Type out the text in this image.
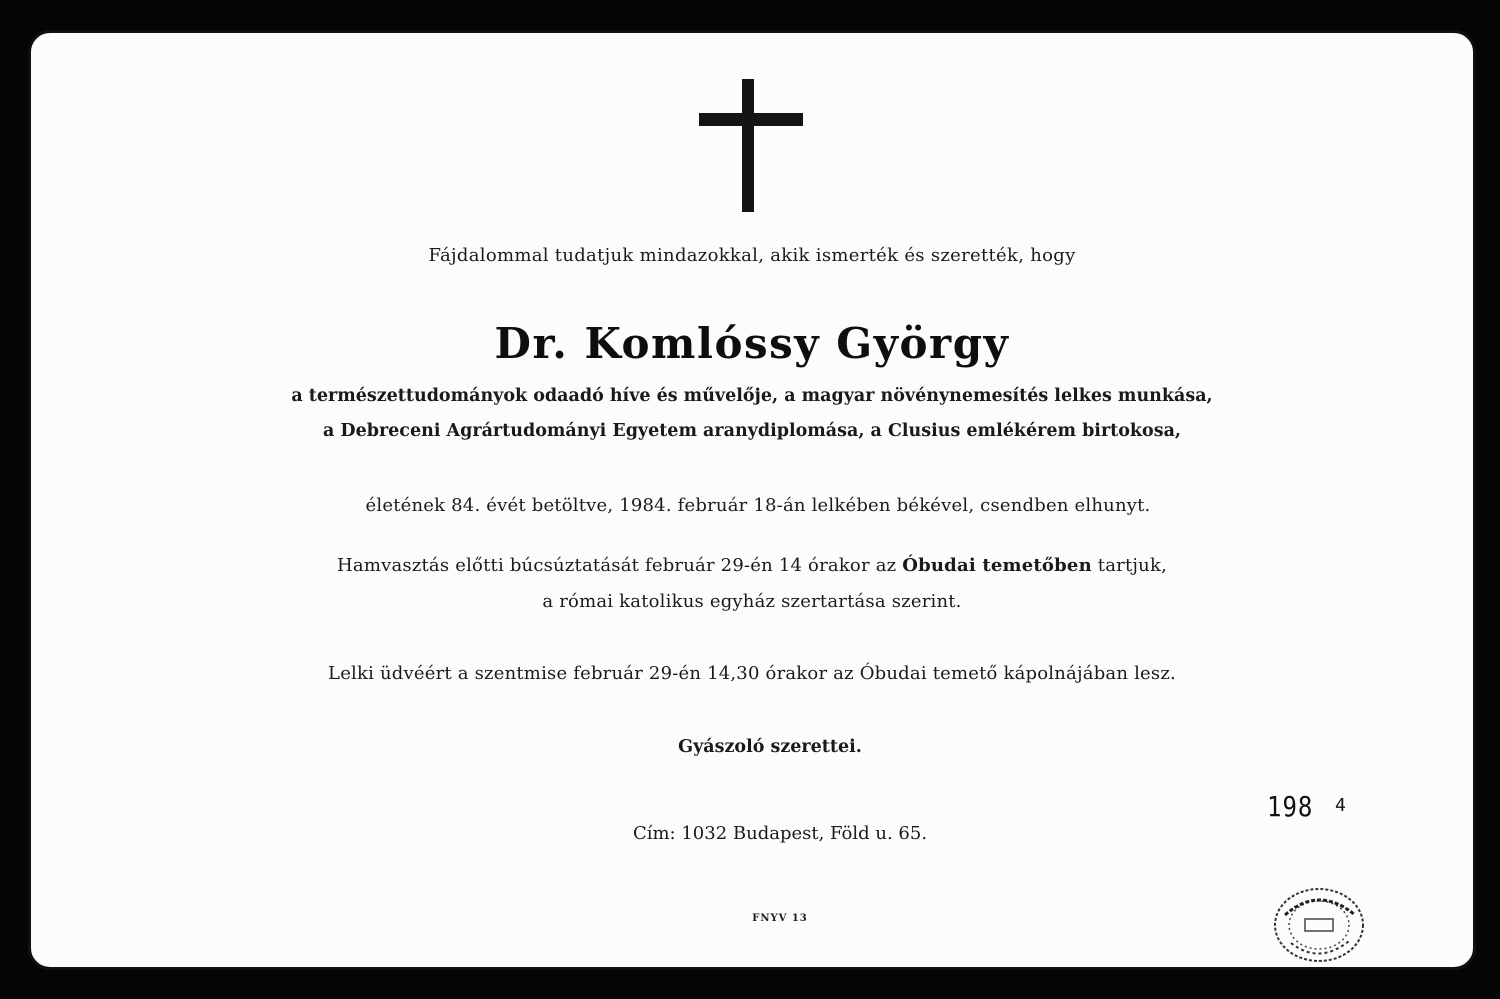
Fájdalommal tudatjuk mindazokkal, akik ismerték és szerették, hogy
Dr. Komlóssy György
a természettudományok odaadó híve és művelője, a magyar növénynemesítés lelkes munkása,
a Debreceni Agrártudományi Egyetem aranydiplomása, a Clusius emlékérem birtokosa,
életének 84. évét betöltve, 1984. február 18-án lelkében békével, csendben elhunyt.
Hamvasztás előtti búcsúztatását február 29-én 14 órakor az Óbudai temetőben tartjuk,
a római katolikus egyház szertartása szerint.
Lelki üdvéért a szentmise február 29-én 14,30 órakor az Óbudai temető kápolnájában lesz.
Gyászoló szerettei.
Cím: 1032 Budapest, Föld u. 65.
FNYV 13
198 4
